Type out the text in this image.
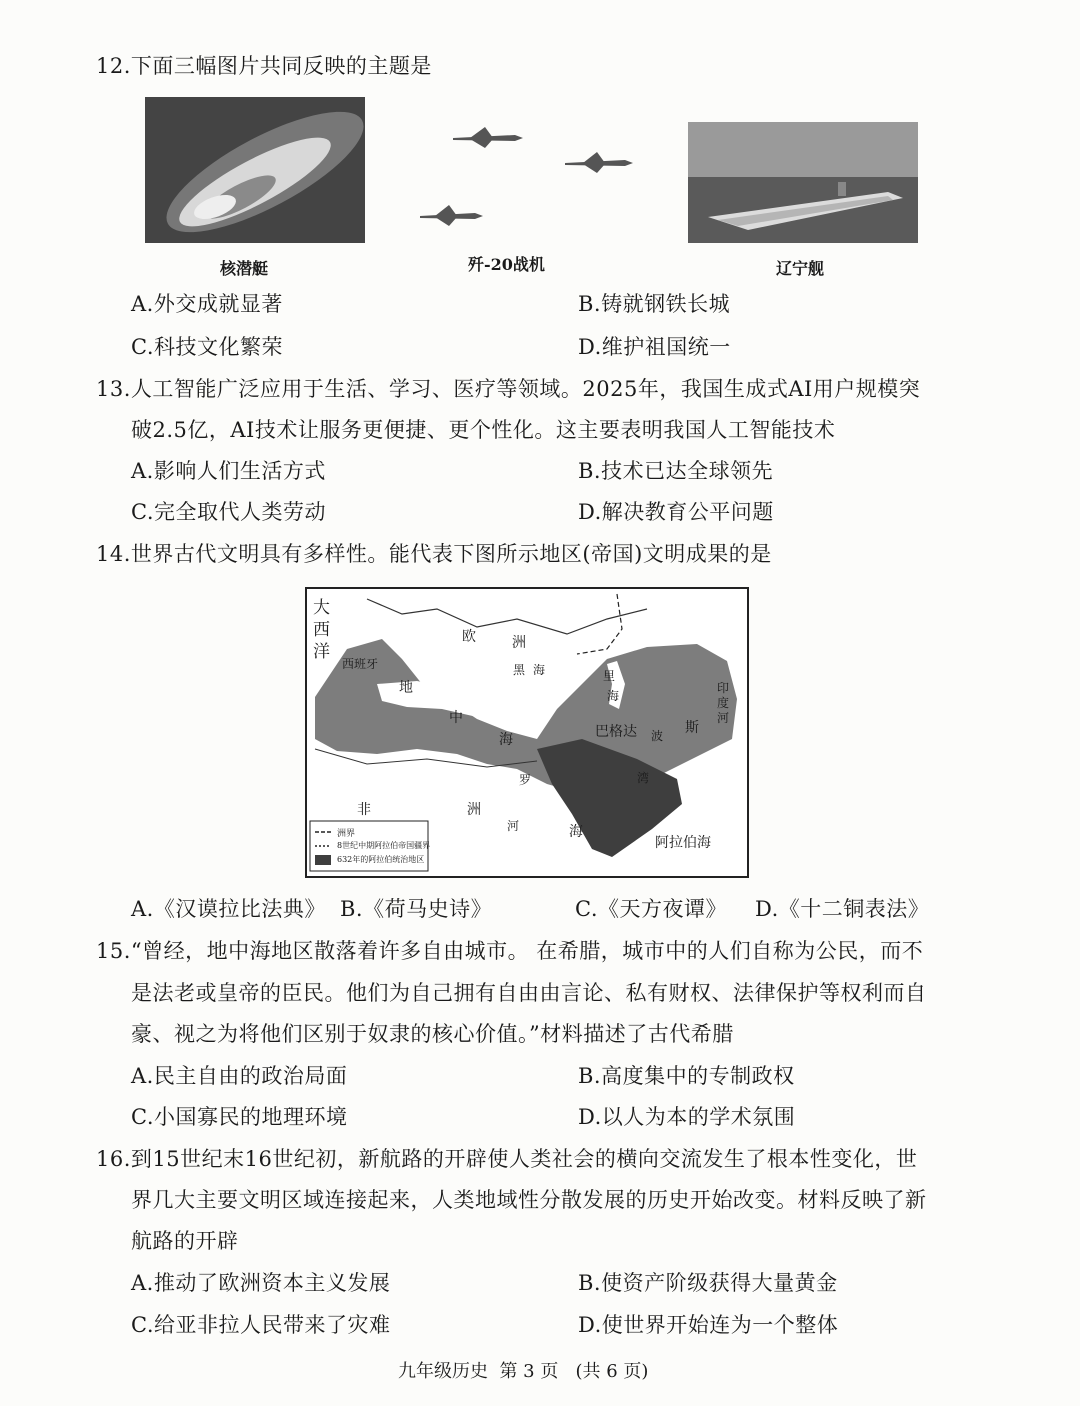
12.下面三幅图片共同反映的主题是
核潜艇	歼-20战机	辽宁舰
A.外交成就显著	B.铸就钢铁长城
C.科技文化繁荣	D.维护祖国统一
13.人工智能广泛应用于生活、学习、医疗等领域。2025年，我国生成式AI用户规模突
破2.5亿，AI技术让服务更便捷、更个性化。这主要表明我国人工智能技术
A.影响人们生活方式	B.技术已达全球领先
C.完全取代人类劳动	D.解决教育公平问题
14.世界古代文明具有多样性。能代表下图所示地区(帝国)文明成果的是
大西洋
西班牙
欧	洲
地
中
海
黑 海	里
海
巴格达 波 斯
印度河
罗
河
非	洲
海
湾
阿拉伯海
洲界
8世纪中期阿拉伯帝国疆界
632年的阿拉伯统治地区
A.《汉谟拉比法典》 B.《荷马史诗》	C.《天方夜谭》 D.《十二铜表法》
15.“曾经，地中海地区散落着许多自由城市。 在希腊，城市中的人们自称为公民，而不
是法老或皇帝的臣民。他们为自己拥有自由由言论、私有财权、法律保护等权利而自
豪、视之为将他们区别于奴隶的核心价值。”材料描述了古代希腊
A.民主自由的政治局面	B.高度集中的专制政权
C.小国寡民的地理环境	D.以人为本的学术氛围
16.到15世纪末16世纪初，新航路的开辟使人类社会的横向交流发生了根本性变化，世
界几大主要文明区域连接起来，人类地域性分散发展的历史开始改变。材料反映了新
航路的开辟
A.推动了欧洲资本主义发展	B.使资产阶级获得大量黄金
C.给亚非拉人民带来了灾难	D.使世界开始连为一个整体
九年级历史  第 3 页   (共 6 页)
